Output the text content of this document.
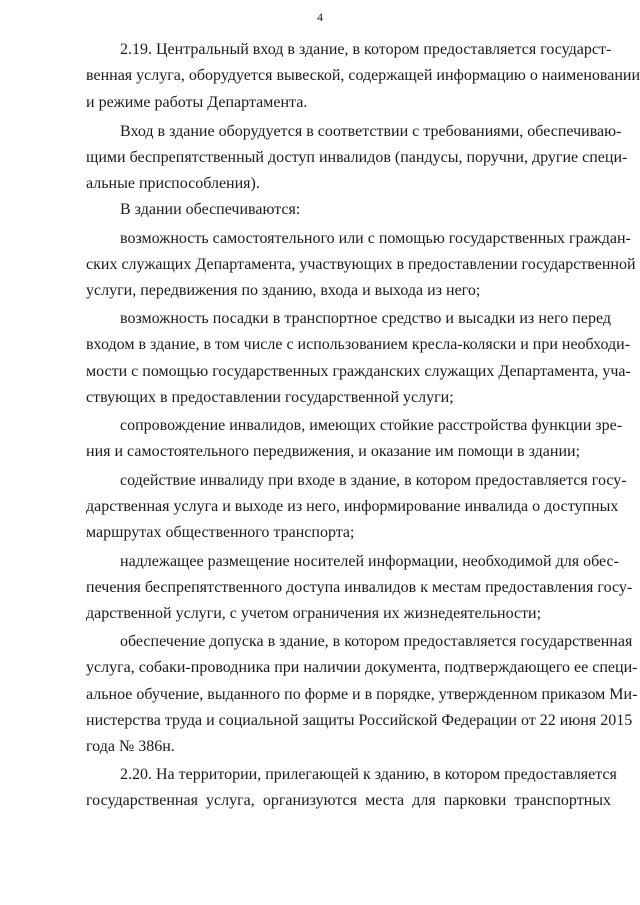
4
2.19. Центральный вход в здание, в котором предоставляется государст-
венная услуга, оборудуется вывеской, содержащей информацию о наименовании
и режиме работы Департамента.
Вход в здание оборудуется в соответствии с требованиями, обеспечиваю-
щими беспрепятственный доступ инвалидов (пандусы, поручни, другие специ-
альные приспособления).
В здании обеспечиваются:
возможность самостоятельного или с помощью государственных граждан-
ских служащих Департамента, участвующих в предоставлении государственной
услуги, передвижения по зданию, входа и выхода из него;
возможность посадки в транспортное средство и высадки из него перед
входом в здание, в том числе с использованием кресла-коляски и при необходи-
мости с помощью государственных гражданских служащих Департамента, уча-
ствующих в предоставлении государственной услуги;
сопровождение инвалидов, имеющих стойкие расстройства функции зре-
ния и самостоятельного передвижения, и оказание им помощи в здании;
содействие инвалиду при входе в здание, в котором предоставляется госу-
дарственная услуга и выходе из него, информирование инвалида о доступных
маршрутах общественного транспорта;
надлежащее размещение носителей информации, необходимой для обес-
печения беспрепятственного доступа инвалидов к местам предоставления госу-
дарственной услуги, с учетом ограничения их жизнедеятельности;
обеспечение допуска в здание, в котором предоставляется государственная
услуга, собаки-проводника при наличии документа, подтверждающего ее специ-
альное обучение, выданного по форме и в порядке, утвержденном приказом Ми-
нистерства труда и социальной защиты Российской Федерации от 22 июня 2015
года № 386н.
2.20. На территории, прилегающей к зданию, в котором предоставляется
государственная услуга, организуются места для парковки транспортных
